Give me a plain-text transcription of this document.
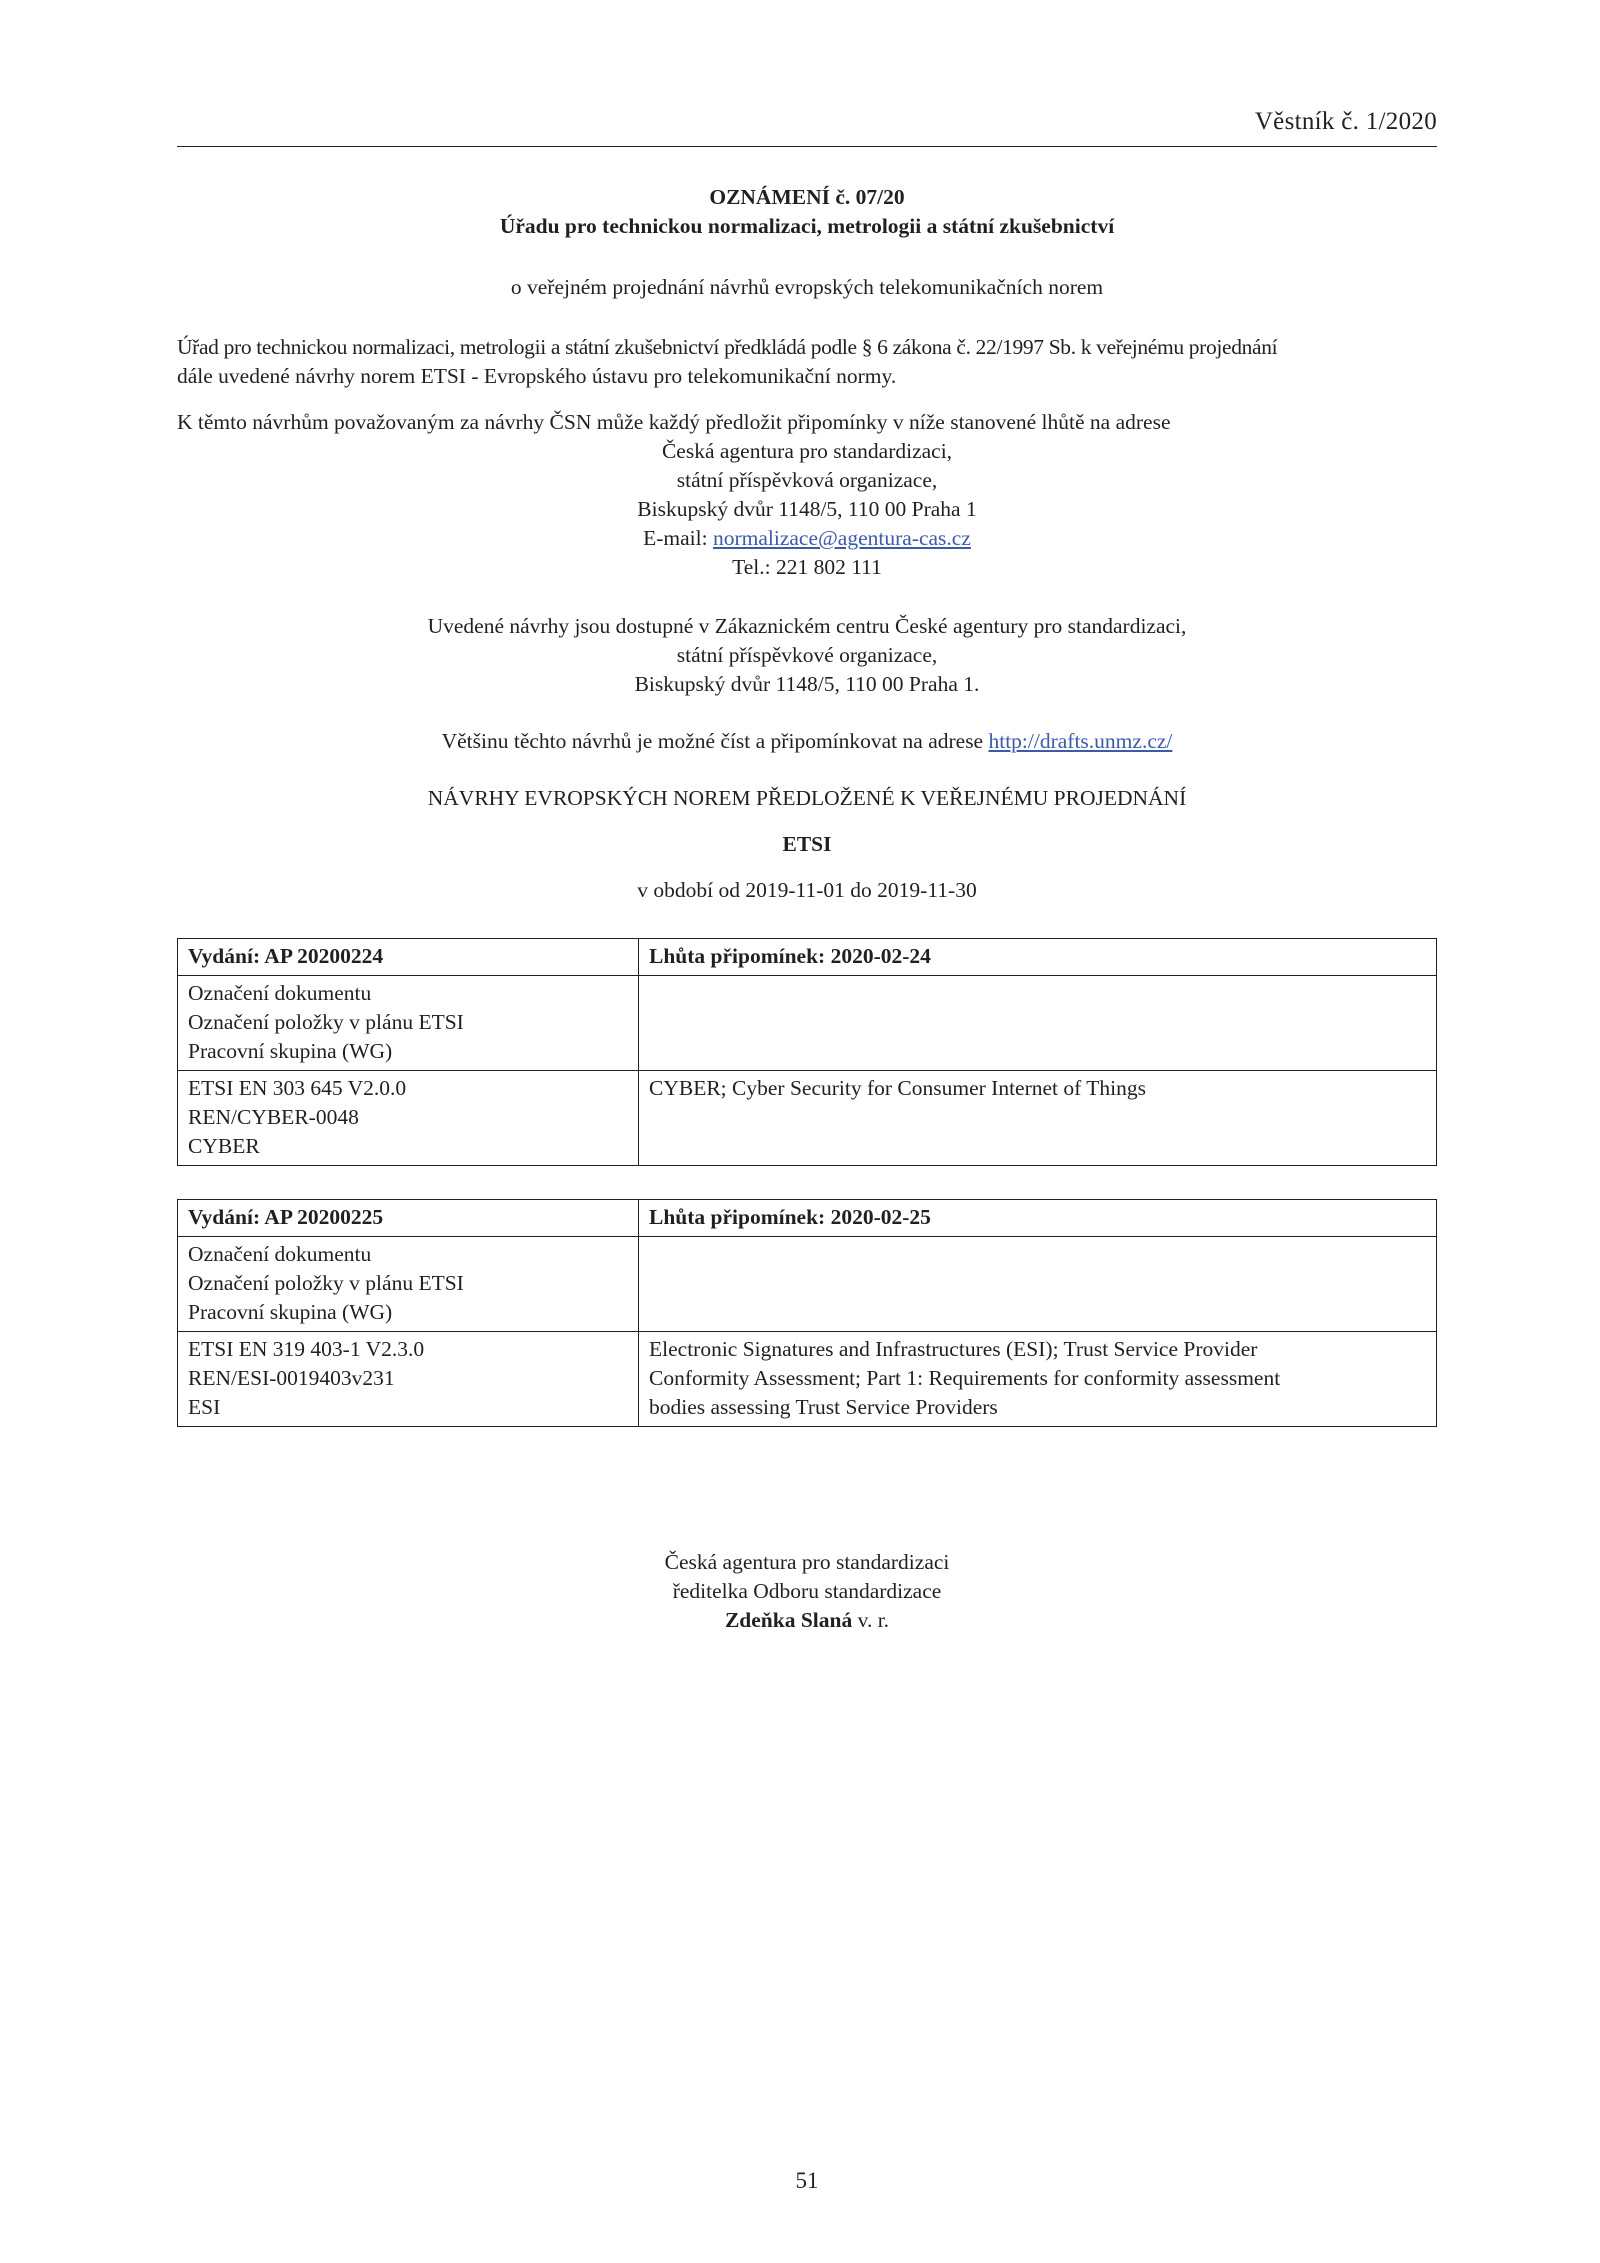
Věstník č. 1/2020
OZNÁMENÍ č. 07/20
Úřadu pro technickou normalizaci, metrologii a státní zkušebnictví
o veřejném projednání návrhů evropských telekomunikačních norem
Úřad pro technickou normalizaci, metrologii a státní zkušebnictví předkládá podle § 6 zákona č. 22/1997 Sb. k veřejnému projednání
dále uvedené návrhy norem ETSI - Evropského ústavu pro telekomunikační normy.
K těmto návrhům považovaným za návrhy ČSN může každý předložit připomínky v níže stanovené lhůtě na adrese
Česká agentura pro standardizaci,
státní příspěvková organizace,
Biskupský dvůr 1148/5, 110 00 Praha 1
E-mail: normalizace@agentura-cas.cz
Tel.: 221 802 111
Uvedené návrhy jsou dostupné v Zákaznickém centru České agentury pro standardizaci,
státní příspěvkové organizace,
Biskupský dvůr 1148/5, 110 00 Praha 1.
Většinu těchto návrhů je možné číst a připomínkovat na adrese http://drafts.unmz.cz/
NÁVRHY EVROPSKÝCH NOREM PŘEDLOŽENÉ K VEŘEJNÉMU PROJEDNÁNÍ
ETSI
v období od 2019-11-01 do 2019-11-30
Vydání: AP 20200224	Lhůta připomínek: 2020-02-24

Označení dokumentu
Označení položky v plánu ETSI
Pracovní skupina (WG)	

ETSI EN 303 645 V2.0.0
REN/CYBER-0048
CYBER	CYBER; Cyber Security for Consumer Internet of Things
Vydání: AP 20200225	Lhůta připomínek: 2020-02-25

Označení dokumentu
Označení položky v plánu ETSI
Pracovní skupina (WG)	

ETSI EN 319 403-1 V2.3.0
REN/ESI-0019403v231
ESI	Electronic Signatures and Infrastructures (ESI); Trust Service Provider
Conformity Assessment; Part 1: Requirements for conformity assessment
bodies assessing Trust Service Providers
Česká agentura pro standardizaci
ředitelka Odboru standardizace
Zdeňka Slaná v. r.
51
